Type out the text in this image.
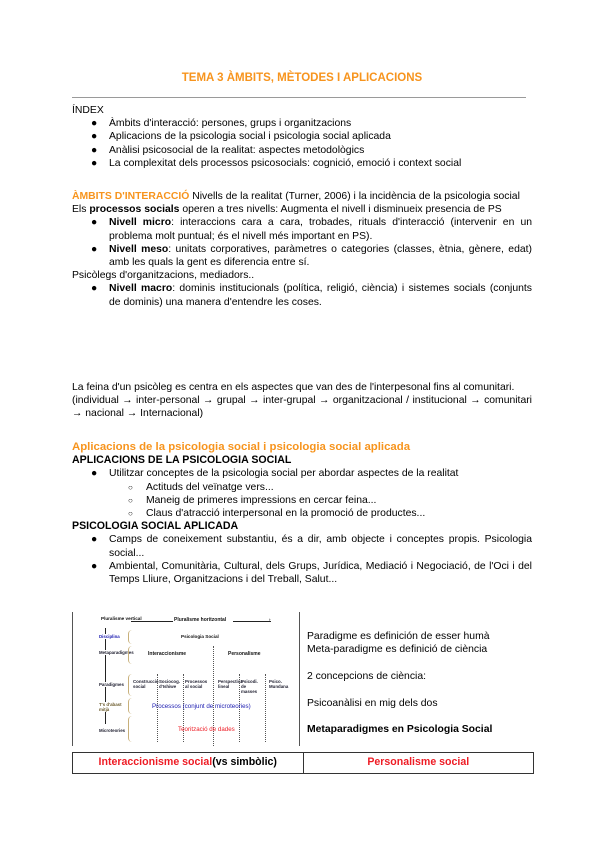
TEMA 3 ÀMBITS, MÈTODES I APLICACIONS

ÍNDEX

● Àmbits d'interacció: persones, grups i organitzacions
● Aplicacions de la psicologia social i psicologia social aplicada
● Anàlisi psicosocial de la realitat: aspectes metodològics
● La complexitat dels processos psicosocials: cognició, emoció i context social

ÀMBITS D'INTERACCIÓ Nivells de la realitat (Turner, 2006) i la incidència de la psicologia social

Els processos socials operen a tres nivells: Augmenta el nivell i disminueix presencia de PS

● Nivell micro: interaccions cara a cara, trobades, rituals d'interacció (intervenir en un problema molt puntual; és el nivell més important en PS).
● Nivell meso: unitats corporatives, paràmetres o categories (classes, ètnia, gènere, edat) amb les quals la gent es diferencia entre sí.

Psicòlegs d'organitzacions, mediadors..

● Nivell macro: dominis institucionals (política, religió, ciència) i sistemes socials (conjunts de dominis) una manera d'entendre les coses.

La feina d'un psicòleg es centra en els aspectes que van des de l'interpesonal fins al comunitari.

(individual → inter-personal → grupal → inter-grupal → organitzacional / institucional → comunitari → nacional → Internacional)

Aplicacions de la psicologia social i psicologia social aplicada

APLICACIONS DE LA PSICOLOGIA SOCIAL

● Utilitzar conceptes de la psicologia social per abordar aspectes de la realitat
○ Actituds del veïnatge vers...
○ Maneig de primeres impressions en cercar feina...
○ Claus d'atracció interpersonal en la promoció de productes...

PSICOLOGIA SOCIAL APLICADA

● Camps de coneixement substantiu, és a dir, amb objecte i conceptes propis. Psicologia social...
● Ambiental, Comunitària, Cultural, dels Grups, Jurídica, Mediació i Negociació, de l'Oci i del Temps Lliure, Organitzacions i del Treball, Salut...
Pluralisme vertical	Pluralisme horitzontal	›
Disciplina	Psicologia Social
Metaparadigmes	Interaccionisme	Personalisme
Paradigmes
Construcció social
Sociocog. d'Ishiwe
Processos al social
Perspectiva lineal
Psicodi. de masses
Psico. Mundana
T's d'abast mitjà	Processos (conjunt de microteories)
Microteories	Teorització de dades

Paradigme es definición de esser humà

Meta-paradigme es definició de ciència

2 concepcions de ciència:

Psicoanàlisi en mig dels dos

Metaparadigmes en Psicologia Social

Interaccionisme social (vs simbòlic)	Personalisme social
